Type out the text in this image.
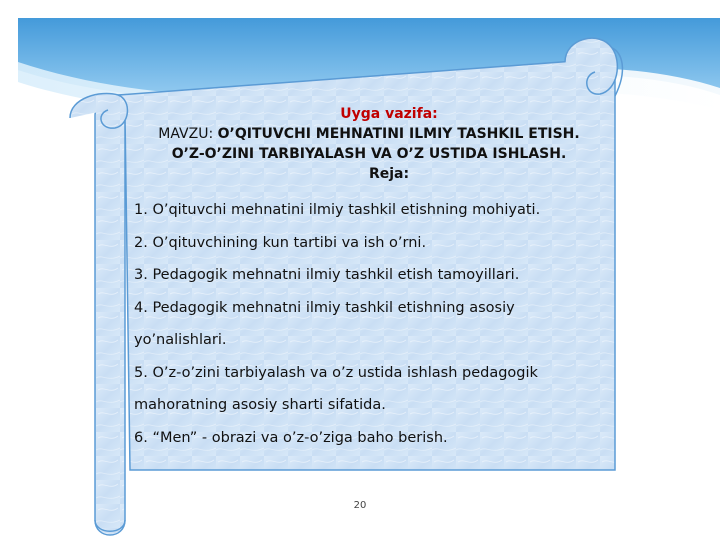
Uyga vazifa:

MAVZU: O’QITUVCHI MEHNATINI ILMIY TASHKIL ETISH.

O’Z-O’ZINI TARBIYALASH VA O’Z USTIDA ISHLASH.

Reja:

1. O’qituvchi mehnatini ilmiy tashkil etishning mohiyati.

2. O’qituvchining kun tartibi va ish o’rni.

3. Pedagogik mehnatni ilmiy tashkil etish tamoyillari.

4. Pedagogik mehnatni ilmiy tashkil etishning asosiy

yo’nalishlari.

5. O’z-o’zini tarbiyalash va o’z ustida ishlash pedagogik

mahoratning asosiy sharti sifatida.

6. “Men” - obrazi va o’z-o’ziga baho berish.

20
